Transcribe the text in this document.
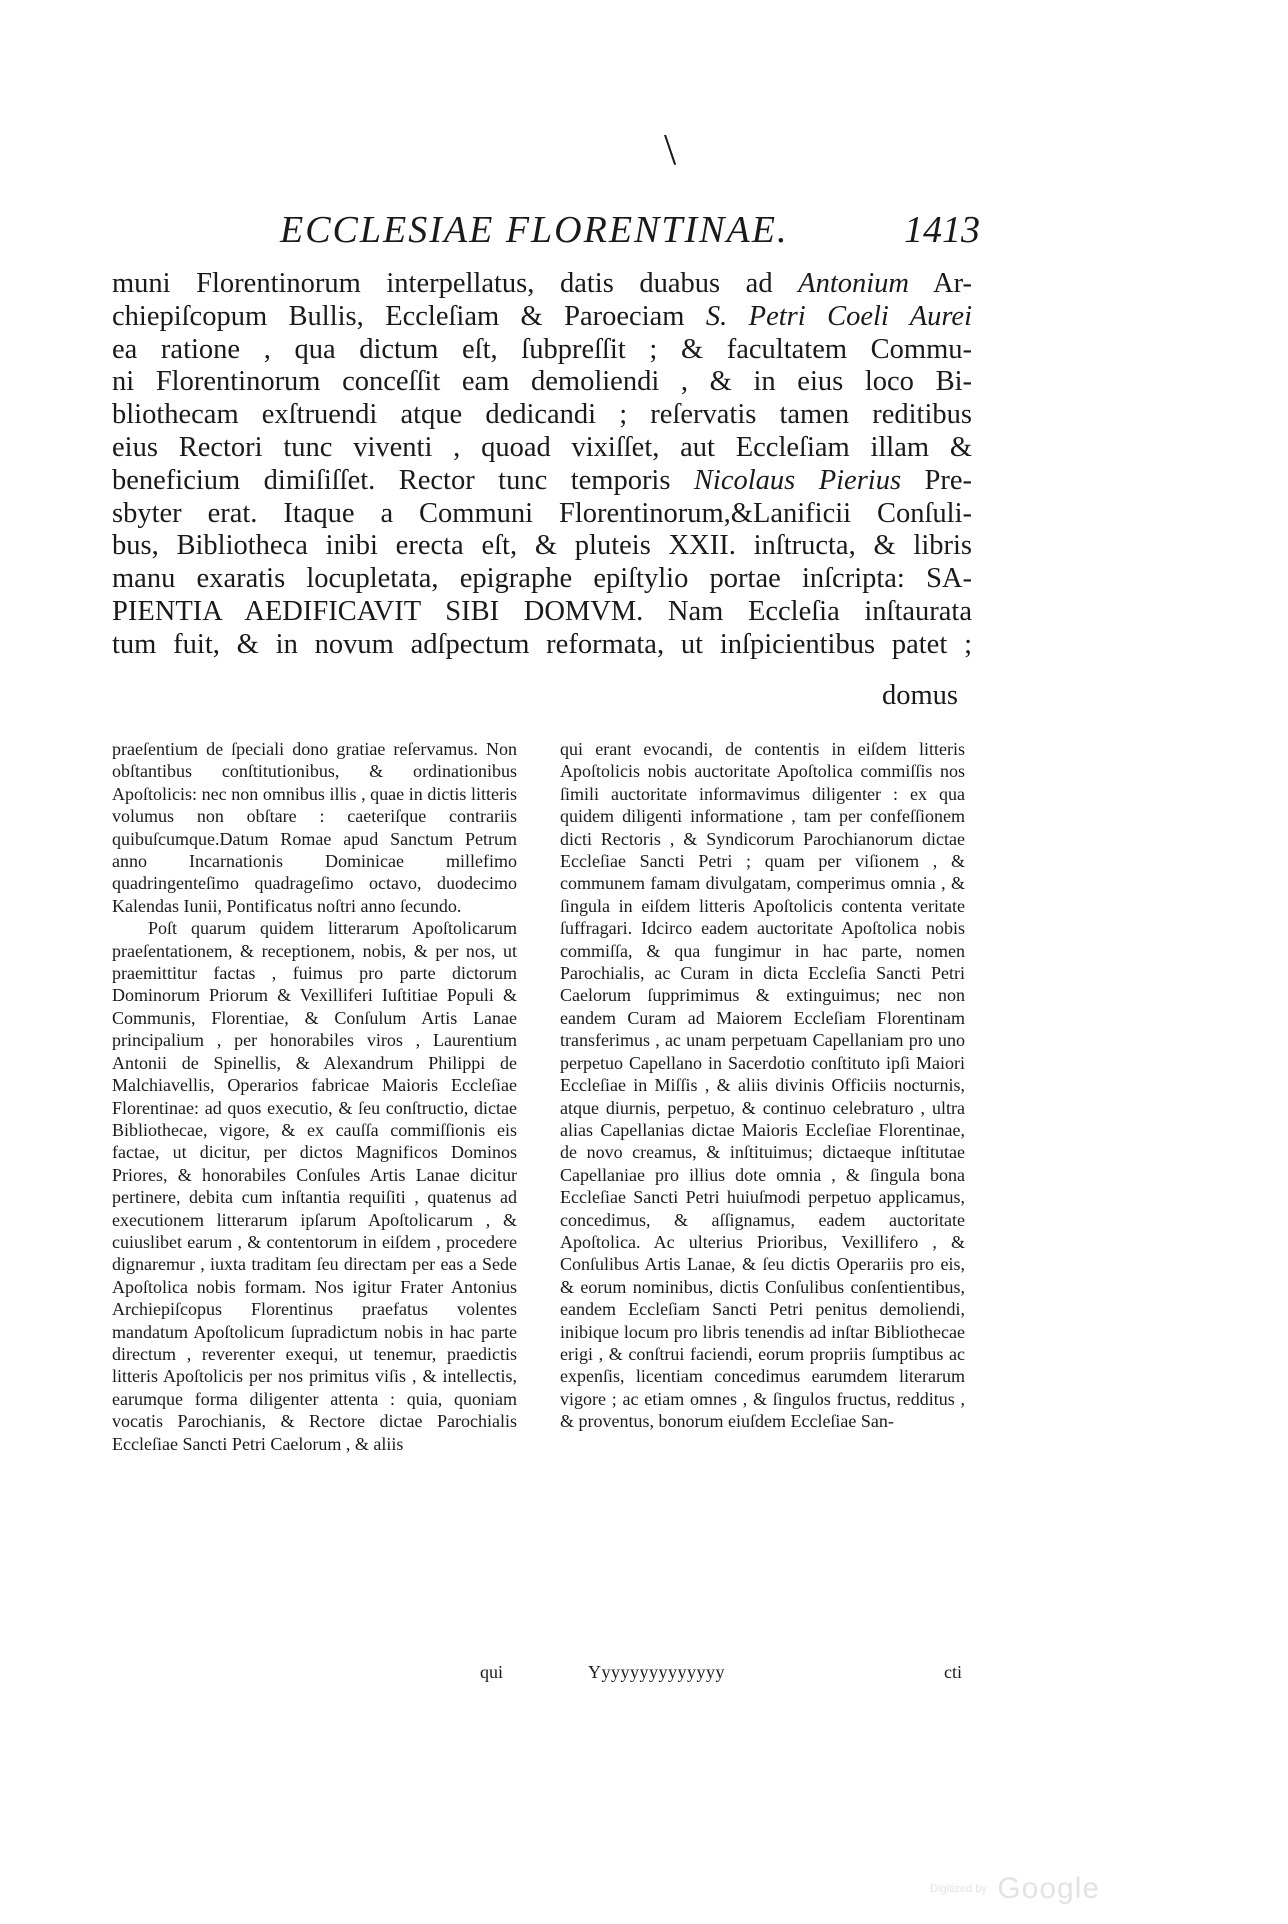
\
ECCLESIAE FLORENTINAE.	1413
muni Florentinorum interpellatus, datis duabus ad Antonium Ar-
chiepiſcopum Bullis, Eccleſiam & Paroeciam S. Petri Coeli Aurei
ea ratione , qua dictum eſt, ſubpreſſit ; & facultatem Commu-
ni Florentinorum conceſſit eam demoliendi , & in eius loco Bi-
bliothecam exſtruendi atque dedicandi ; reſervatis tamen reditibus
eius Rectori tunc viventi , quoad vixiſſet, aut Eccleſiam illam &
beneficium dimiſiſſet. Rector tunc temporis Nicolaus Pierius Pre-
sbyter erat. Itaque a Communi Florentinorum,&Lanificii Conſuli-
bus, Bibliotheca inibi erecta eſt, & pluteis XXII. inſtructa, & libris
manu exaratis locupletata, epigraphe epiſtylio portae inſcripta: SA-
PIENTIA AEDIFICAVIT SIBI DOMVM. Nam Eccleſia inſtaurata
tum fuit, & in novum adſpectum reformata, ut inſpicientibus patet ;
domus

praeſentium de ſpeciali dono gratiae reſervamus. Non obſtantibus conſtitutionibus, & ordinationibus Apoſtolicis: nec non omnibus illis , quae in dictis litteris volumus non obſtare : caeteriſque contrariis quibuſcumque.Datum Romae apud Sanctum Petrum anno Incarnationis Dominicae millefimo quadringenteſimo quadrageſimo octavo, duodecimo Kalendas Iunii, Pontificatus noſtri anno ſecundo.

Poſt quarum quidem litterarum Apoſtolicarum praeſentationem, & receptionem, nobis, & per nos, ut praemittitur factas , fuimus pro parte dictorum Dominorum Priorum & Vexilliferi Iuſtitiae Populi & Communis, Florentiae, & Conſulum Artis Lanae principalium , per honorabiles viros , Laurentium Antonii de Spinellis, & Alexandrum Philippi de Malchiavellis, Operarios fabricae Maioris Eccleſiae Florentinae: ad quos executio, & ſeu conſtructio, dictae Bibliothecae, vigore, & ex cauſſa commiſſionis eis factae, ut dicitur, per dictos Magnificos Dominos Priores, & honorabiles Conſules Artis Lanae dicitur pertinere, debita cum inſtantia requiſiti , quatenus ad executionem litterarum ipſarum Apoſtolicarum , & cuiuslibet earum , & contentorum in eiſdem , procedere dignaremur , iuxta traditam ſeu directam per eas a Sede Apoſtolica nobis formam. Nos igitur Frater Antonius Archiepiſcopus Florentinus praefatus volentes mandatum Apoſtolicum ſupradictum nobis in hac parte directum , reverenter exequi, ut tenemur, praedictis litteris Apoſtolicis per nos primitus viſis , & intellectis, earumque forma diligenter attenta : quia, quoniam vocatis Parochianis, & Rectore dictae Parochialis Eccleſiae Sancti Petri Caelorum , & aliis

qui erant evocandi, de contentis in eiſdem litteris Apoſtolicis nobis auctoritate Apoſtolica commiſſis nos ſimili auctoritate informavimus diligenter : ex qua quidem diligenti informatione , tam per confeſſionem dicti Rectoris , & Syndicorum Parochianorum dictae Eccleſiae Sancti Petri ; quam per viſionem , & communem famam divulgatam, comperimus omnia , & ſingula in eiſdem litteris Apoſtolicis contenta veritate ſuffragari. Idcirco eadem auctoritate Apoſtolica nobis commiſſa, & qua fungimur in hac parte, nomen Parochialis, ac Curam in dicta Eccleſia Sancti Petri Caelorum ſupprimimus & extinguimus; nec non eandem Curam ad Maiorem Eccleſiam Florentinam transferimus , ac unam perpetuam Capellaniam pro uno perpetuo Capellano in Sacerdotio conſtituto ipſi Maiori Eccleſiae in Miſſis , & aliis divinis Officiis nocturnis, atque diurnis, perpetuo, & continuo celebraturo , ultra alias Capellanias dictae Maioris Eccleſiae Florentinae, de novo creamus, & inſtituimus; dictaeque inſtitutae Capellaniae pro illius dote omnia , & ſingula bona Eccleſiae Sancti Petri huiuſmodi perpetuo applicamus, concedimus, & aſſignamus, eadem auctoritate Apoſtolica. Ac ulterius Prioribus, Vexillifero , & Conſulibus Artis Lanae, & ſeu dictis Operariis pro eis, & eorum nominibus, dictis Conſulibus conſentientibus, eandem Eccleſiam Sancti Petri penitus demoliendi, inibique locum pro libris tenendis ad inſtar Bibliothecae erigi , & conſtrui faciendi, eorum propriis ſumptibus ac expenſis, licentiam concedimus earumdem literarum vigore ; ac etiam omnes , & ſingulos fructus, redditus , & proventus, bonorum eiuſdem Eccleſiae San-

qui	Yyyyyyyyyyyyyy	cti
Digitized by Google
